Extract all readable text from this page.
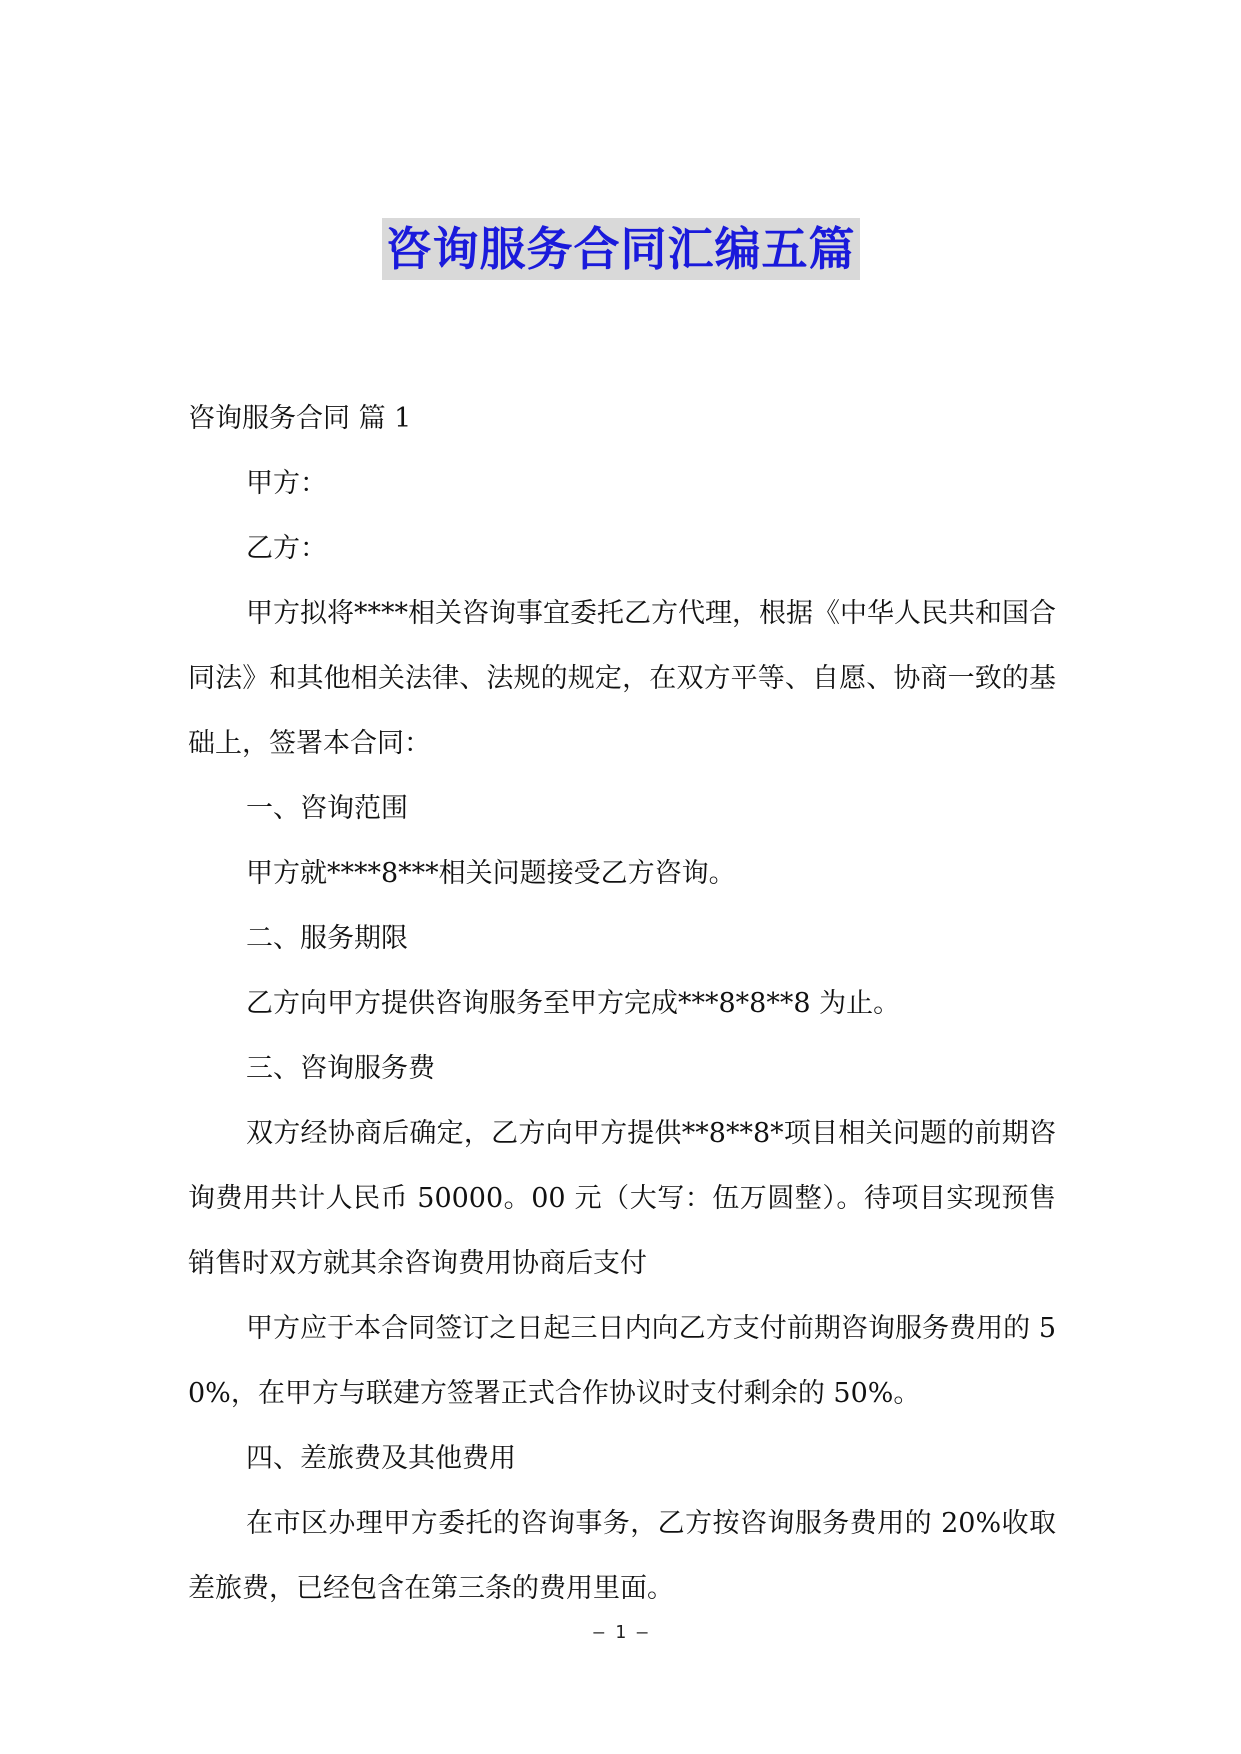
咨询服务合同汇编五篇

咨询服务合同 篇 1

甲方：

乙方：

甲方拟将****相关咨询事宜委托乙方代理，根据《中华人民共和国合同法》和其他相关法律、法规的规定，在双方平等、自愿、协商一致的基础上，签署本合同：

一、咨询范围

甲方就****8***相关问题接受乙方咨询。

二、服务期限

乙方向甲方提供咨询服务至甲方完成***8*8**8 为止。

三、咨询服务费

双方经协商后确定，乙方向甲方提供**8**8*项目相关问题的前期咨询费用共计人民币 50000。00 元（大写：伍万圆整）。待项目实现预售销售时双方就其余咨询费用协商后支付

甲方应于本合同签订之日起三日内向乙方支付前期咨询服务费用的 50%，在甲方与联建方签署正式合作协议时支付剩余的 50%。

四、差旅费及其他费用

在市区办理甲方委托的咨询事务，乙方按咨询服务费用的 20%收取差旅费，已经包含在第三条的费用里面。

— 1 —
